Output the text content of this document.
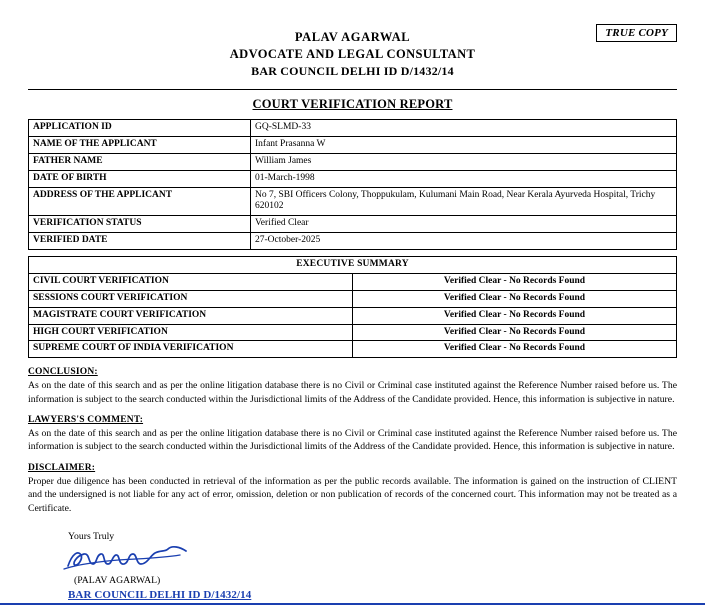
TRUE COPY
PALAV AGARWAL
ADVOCATE AND LEGAL CONSULTANT
BAR COUNCIL DELHI ID D/1432/14
COURT VERIFICATION REPORT
APPLICATION ID	GQ-SLMD-33
NAME OF THE APPLICANT	Infant Prasanna W
FATHER NAME	William James
DATE OF BIRTH	01-March-1998
ADDRESS OF THE APPLICANT	No 7, SBI Officers Colony, Thoppukulam, Kulumani Main Road, Near Kerala Ayurveda Hospital, Trichy 620102
VERIFICATION STATUS	Verified Clear
VERIFIED DATE	27-October-2025
EXECUTIVE SUMMARY	
CIVIL COURT VERIFICATION	Verified Clear - No Records Found
SESSIONS COURT VERIFICATION	Verified Clear - No Records Found
MAGISTRATE COURT VERIFICATION	Verified Clear - No Records Found
HIGH COURT VERIFICATION	Verified Clear - No Records Found
SUPREME COURT OF INDIA VERIFICATION	Verified Clear - No Records Found
CONCLUSION:
As on the date of this search and as per the online litigation database there is no Civil or Criminal case instituted against the Reference Number raised before us. The information is subject to the search conducted within the Jurisdictional limits of the Address of the Candidate provided. Hence, this information is subjective in nature.
LAWYERS'S COMMENT:
As on the date of this search and as per the online litigation database there is no Civil or Criminal case instituted against the Reference Number raised before us. The information is subject to the search conducted within the Jurisdictional limits of the Address of the Candidate provided. Hence, this information is subjective in nature.
DISCLAIMER:
Proper due diligence has been conducted in retrieval of the information as per the public records available. The information is gained on the instruction of CLIENT and the undersigned is not liable for any act of error, omission, deletion or non publication of records of the concerned court. This information may not be treated as a Certificate.
Yours Truly
(PALAV AGARWAL)
BAR COUNCIL DELHI ID D/1432/14
